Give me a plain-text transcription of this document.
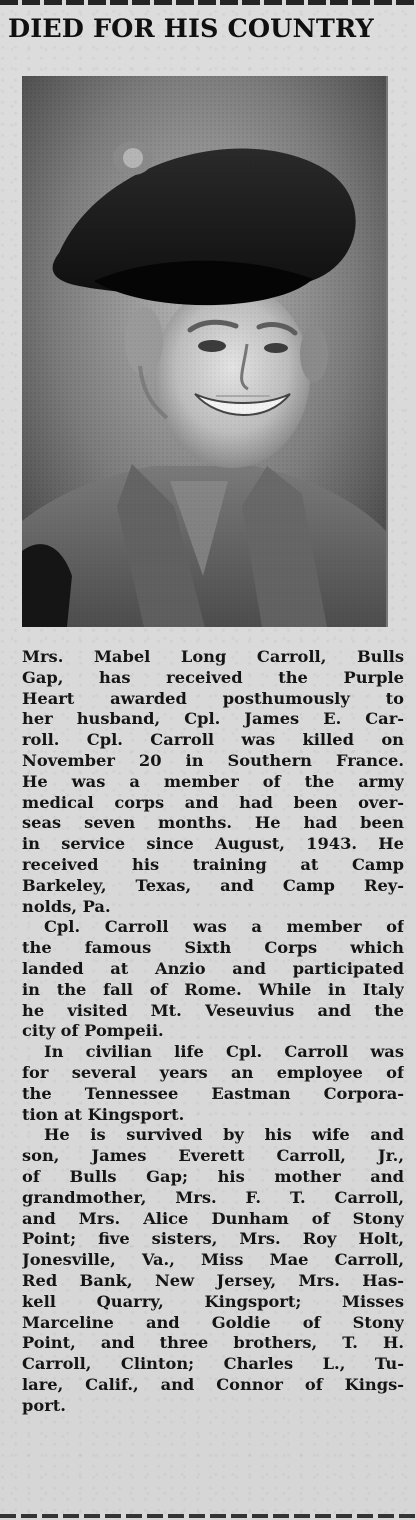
DIED FOR HIS COUNTRY
Mrs. Mabel Long Carroll, Bulls
Gap, has received the Purple
Heart awarded posthumously to
her husband, Cpl. James E. Car-
roll. Cpl. Carroll was killed on
November 20 in Southern France.
He was a member of the army
medical corps and had been over-
seas seven months. He had been
in service since August, 1943. He
received his training at Camp
Barkeley, Texas, and Camp Rey-
nolds, Pa.
Cpl. Carroll was a member of
the famous Sixth Corps which
landed at Anzio and participated
in the fall of Rome. While in Italy
he visited Mt. Veseuvius and the
city of Pompeii.
In civilian life Cpl. Carroll was
for several years an employee of
the Tennessee Eastman Corpora-
tion at Kingsport.
He is survived by his wife and
son, James Everett Carroll, Jr.,
of Bulls Gap; his mother and
grandmother, Mrs. F. T. Carroll,
and Mrs. Alice Dunham of Stony
Point; five sisters, Mrs. Roy Holt,
Jonesville, Va., Miss Mae Carroll,
Red Bank, New Jersey, Mrs. Has-
kell Quarry, Kingsport; Misses
Marceline and Goldie of Stony
Point, and three brothers, T. H.
Carroll, Clinton; Charles L., Tu-
lare, Calif., and Connor of Kings-
port.
